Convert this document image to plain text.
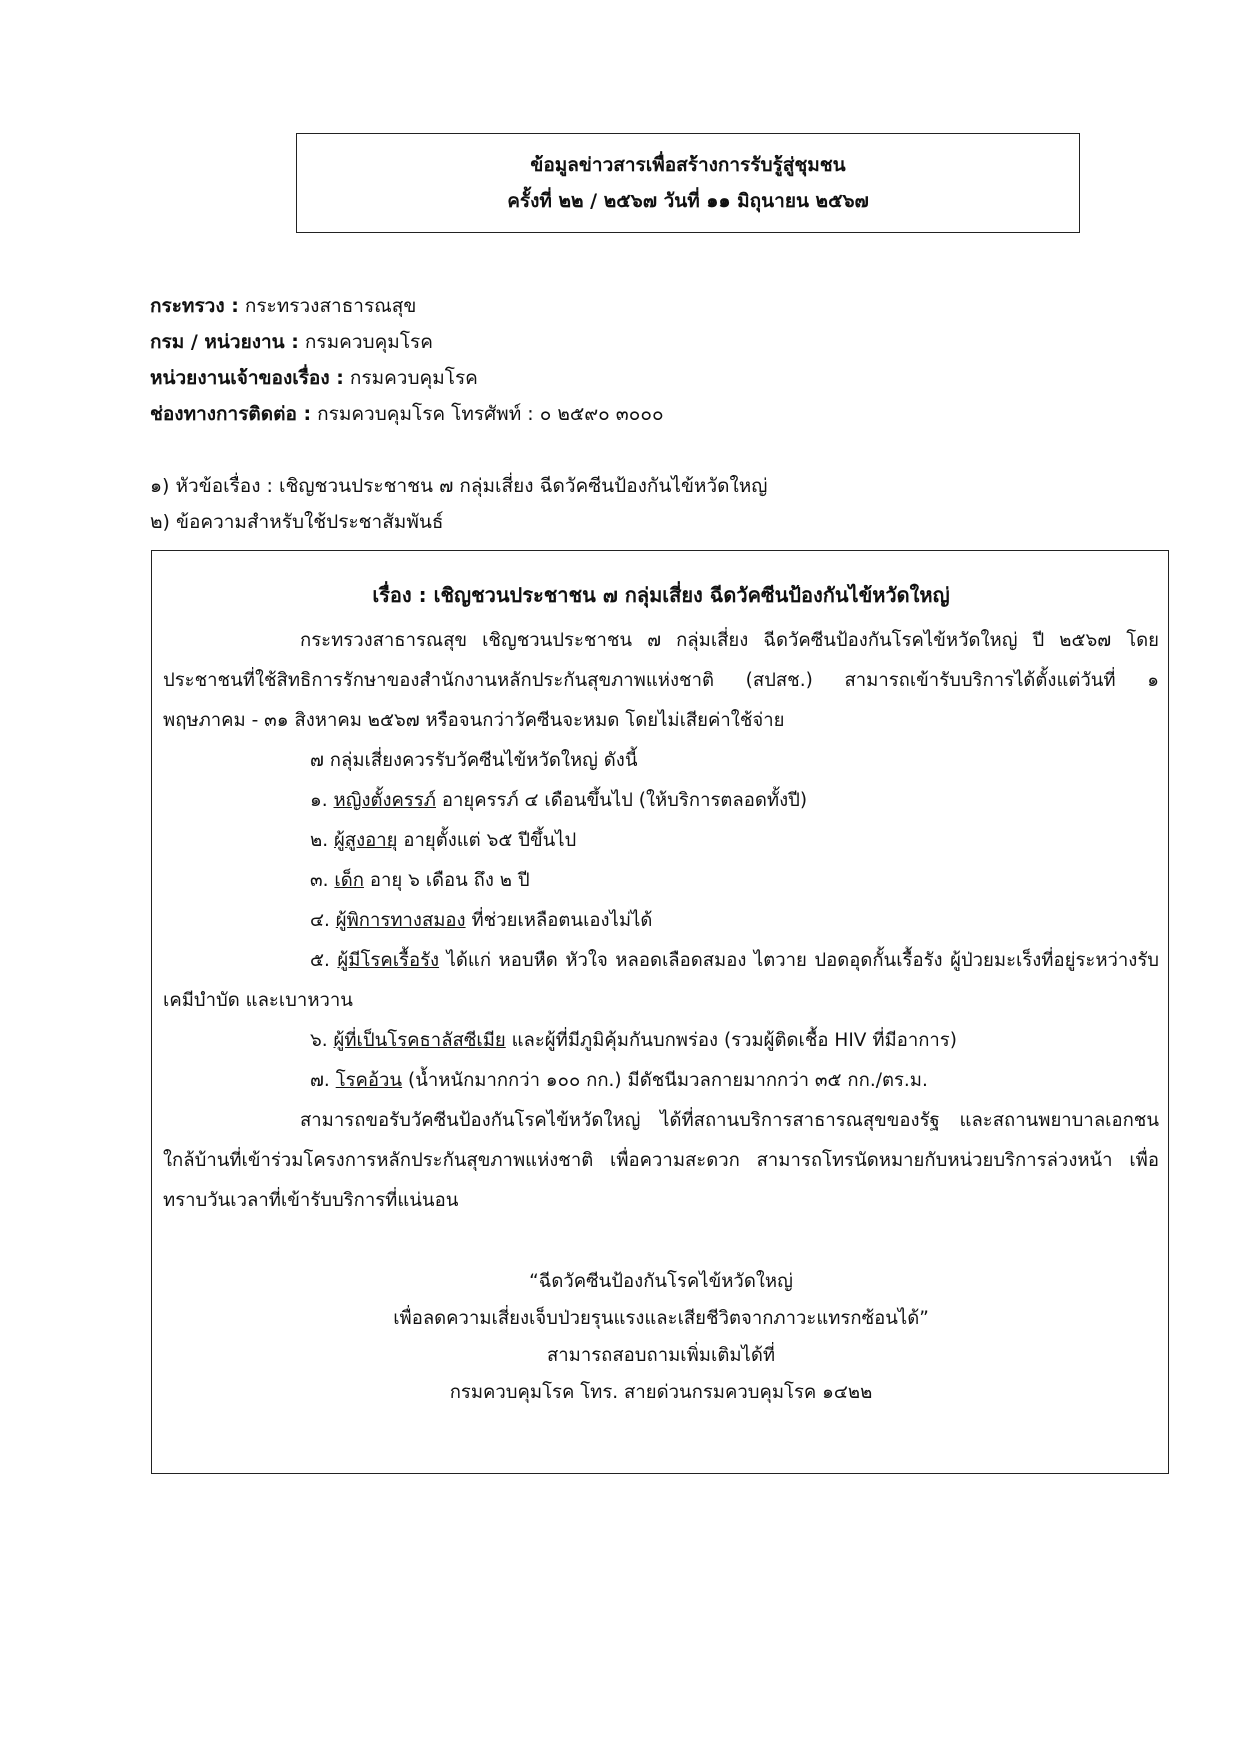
ข้อมูลข่าวสารเพื่อสร้างการรับรู้สู่ชุมชน
ครั้งที่ ๒๒ / ๒๕๖๗ วันที่ ๑๑ มิถุนายน ๒๕๖๗
กระทรวง : กระทรวงสาธารณสุข
กรม / หน่วยงาน : กรมควบคุมโรค
หน่วยงานเจ้าของเรื่อง : กรมควบคุมโรค
ช่องทางการติดต่อ : กรมควบคุมโรค โทรศัพท์ : ๐ ๒๕๙๐ ๓๐๐๐
๑) หัวข้อเรื่อง : เชิญชวนประชาชน ๗ กลุ่มเสี่ยง ฉีดวัคซีนป้องกันไข้หวัดใหญ่
๒) ข้อความสำหรับใช้ประชาสัมพันธ์
เรื่อง : เชิญชวนประชาชน ๗ กลุ่มเสี่ยง ฉีดวัคซีนป้องกันไข้หวัดใหญ่
กระทรวงสาธารณสุข เชิญชวนประชาชน ๗ กลุ่มเสี่ยง ฉีดวัคซีนป้องกันโรคไข้หวัดใหญ่ ปี ๒๕๖๗ โดยประชาชนที่ใช้สิทธิการรักษาของสำนักงานหลักประกันสุขภาพแห่งชาติ (สปสช.) สามารถเข้ารับบริการได้ตั้งแต่วันที่ ๑ พฤษภาคม - ๓๑ สิงหาคม ๒๕๖๗ หรือจนกว่าวัคซีนจะหมด โดยไม่เสียค่าใช้จ่าย
๗ กลุ่มเสี่ยงควรรับวัคซีนไข้หวัดใหญ่ ดังนี้
๑. หญิงตั้งครรภ์ อายุครรภ์ ๔ เดือนขึ้นไป (ให้บริการตลอดทั้งปี)
๒. ผู้สูงอายุ อายุตั้งแต่ ๖๕ ปีขึ้นไป
๓. เด็ก อายุ ๖ เดือน ถึง ๒ ปี
๔. ผู้พิการทางสมอง ที่ช่วยเหลือตนเองไม่ได้
๕. ผู้มีโรคเรื้อรัง ได้แก่ หอบหืด หัวใจ หลอดเลือดสมอง ไตวาย ปอดอุดกั้นเรื้อรัง ผู้ป่วยมะเร็งที่อยู่ระหว่างรับเคมีบำบัด และเบาหวาน
๖. ผู้ที่เป็นโรคธาลัสซีเมีย และผู้ที่มีภูมิคุ้มกันบกพร่อง (รวมผู้ติดเชื้อ HIV ที่มีอาการ)
๗. โรคอ้วน (น้ำหนักมากกว่า ๑๐๐ กก.) มีดัชนีมวลกายมากกว่า ๓๕ กก./ตร.ม.
สามารถขอรับวัคซีนป้องกันโรคไข้หวัดใหญ่ ได้ที่สถานบริการสาธารณสุขของรัฐ และสถานพยาบาลเอกชนใกล้บ้านที่เข้าร่วมโครงการหลักประกันสุขภาพแห่งชาติ เพื่อความสะดวก สามารถโทรนัดหมายกับหน่วยบริการล่วงหน้า เพื่อทราบวันเวลาที่เข้ารับบริการที่แน่นอน
“ฉีดวัคซีนป้องกันโรคไข้หวัดใหญ่
เพื่อลดความเสี่ยงเจ็บป่วยรุนแรงและเสียชีวิตจากภาวะแทรกซ้อนได้”
สามารถสอบถามเพิ่มเติมได้ที่
กรมควบคุมโรค โทร. สายด่วนกรมควบคุมโรค ๑๔๒๒
